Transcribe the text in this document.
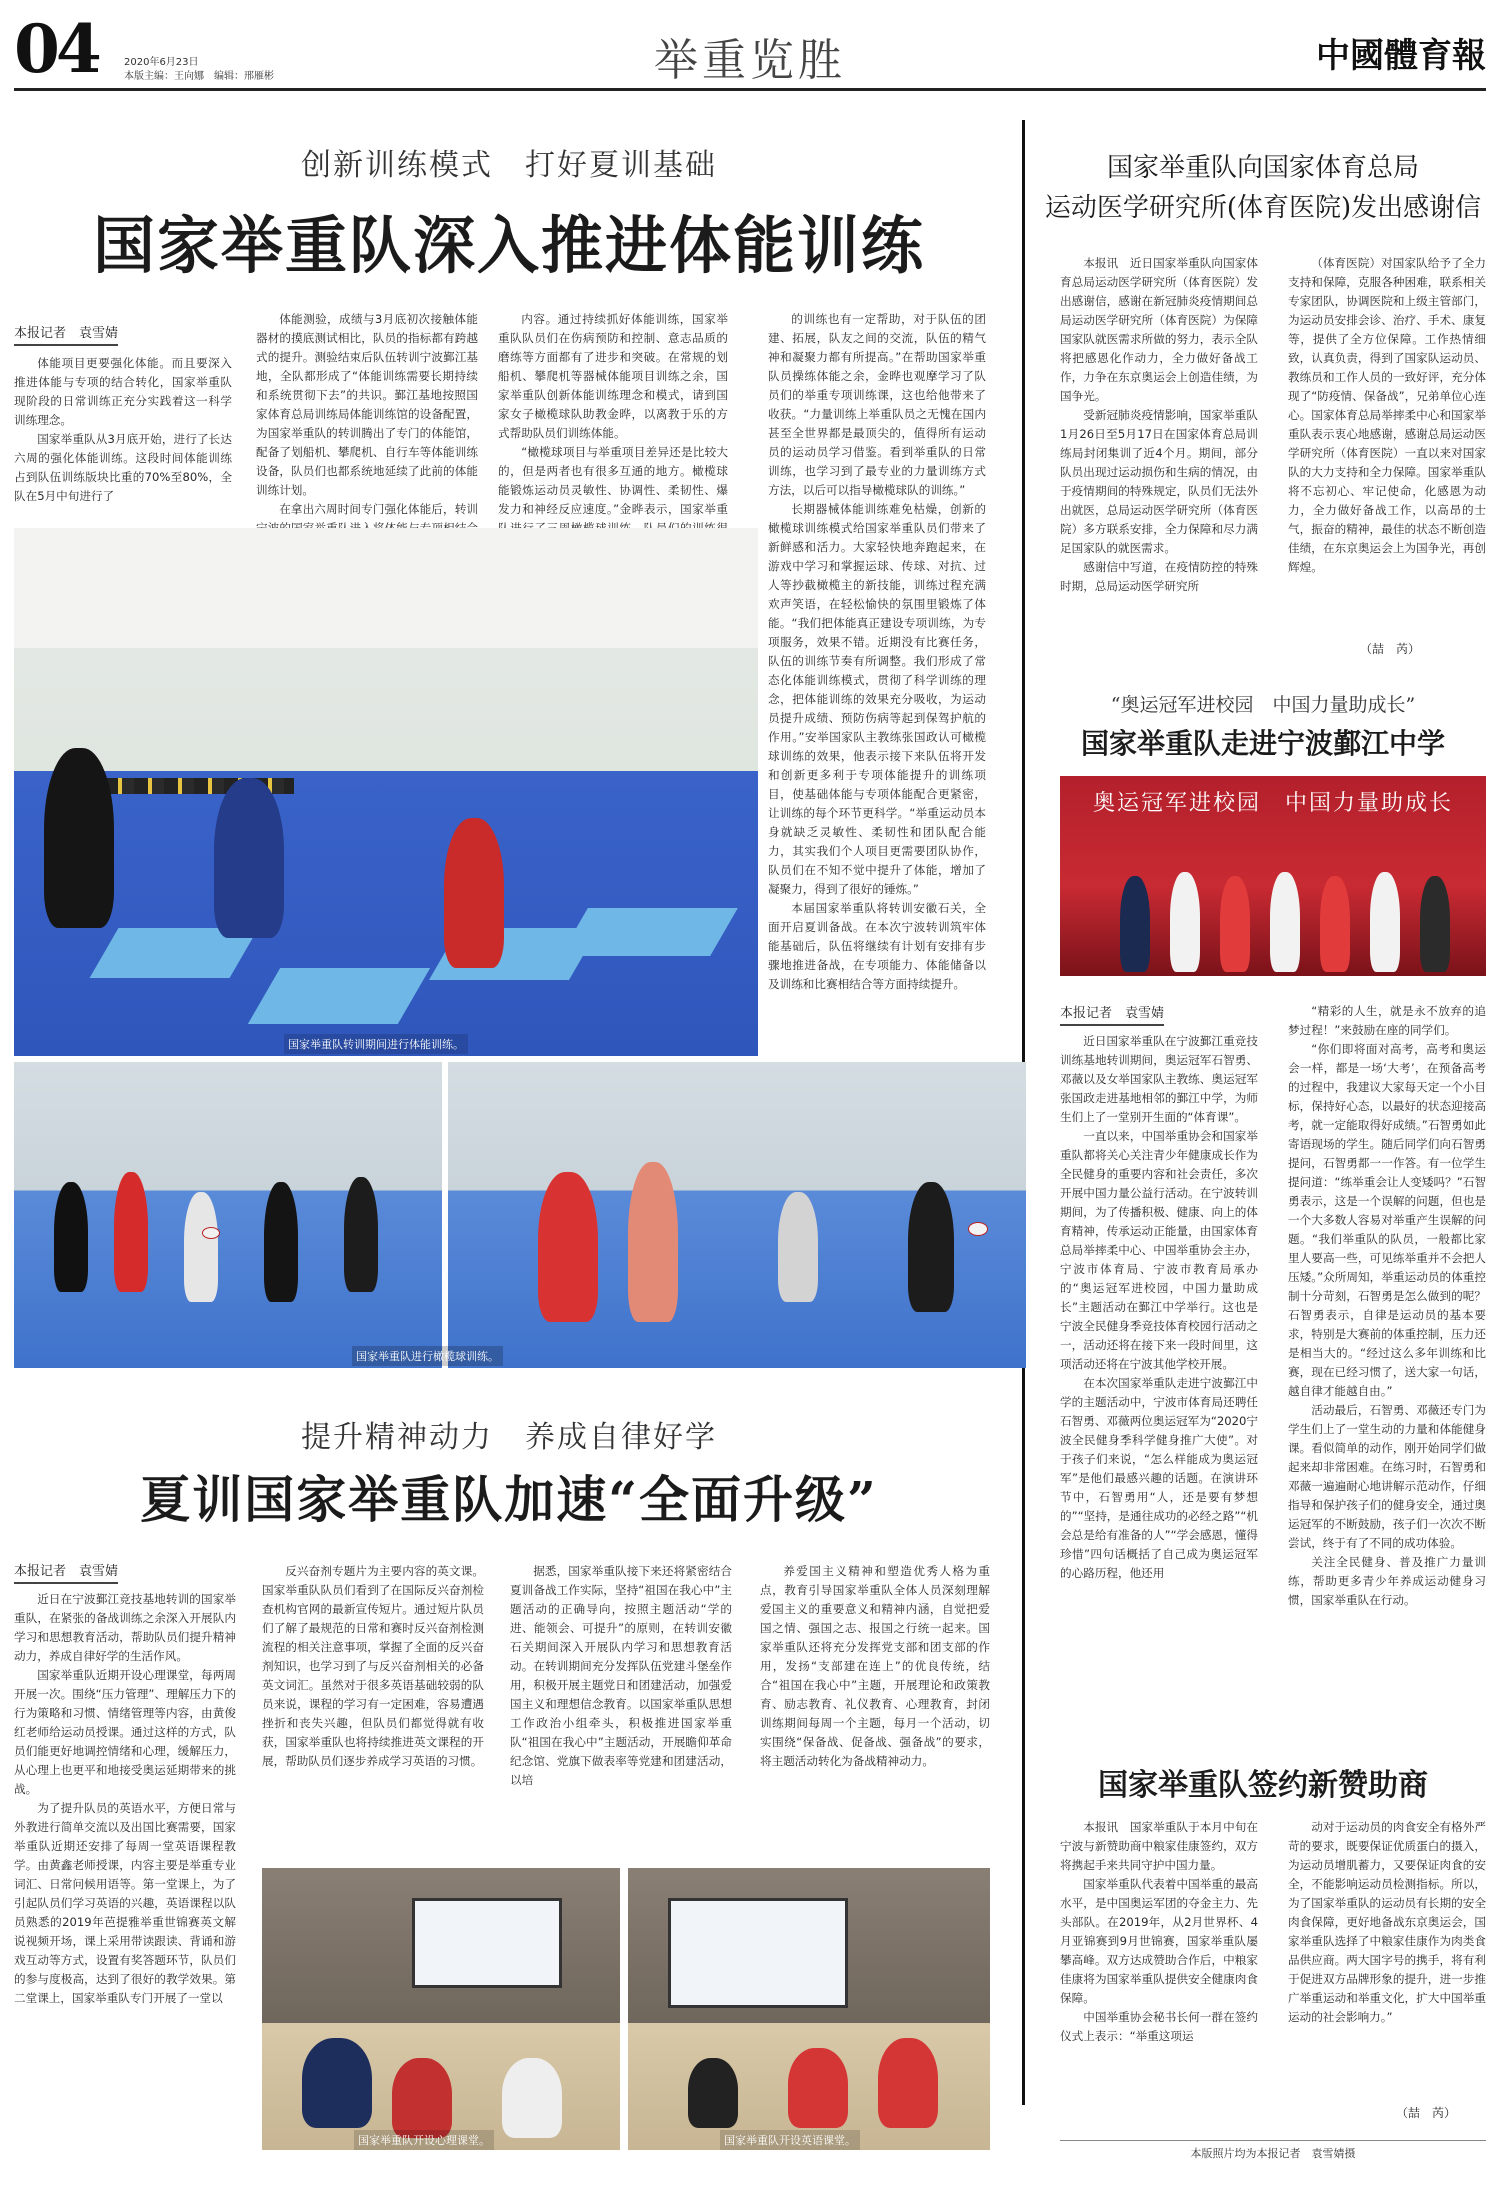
04	2020年6月23日
本版主编：王向娜　编辑：邢雁彬	举重览胜	中國體育報
创新训练模式　打好夏训基础
国家举重队深入推进体能训练
本报记者　袁雪婧

体能项目更要强化体能。而且要深入推进体能与专项的结合转化，国家举重队现阶段的日常训练正充分实践着这一科学训练理念。

国家举重队从3月底开始，进行了长达六周的强化体能训练。这段时间体能训练占到队伍训练版块比重的70%至80%，全队在5月中旬进行了

体能测验，成绩与3月底初次接触体能器材的摸底测试相比，队员的指标都有跨越式的提升。测验结束后队伍转训宁波鄞江基地，全队都形成了“体能训练需要长期持续和系统贯彻下去”的共识。鄞江基地按照国家体育总局训练局体能训练馆的设备配置，为国家举重队的转训腾出了专门的体能馆，配备了划船机、攀爬机、自行车等体能训练设备，队员们也都系统地延续了此前的体能训练计划。

在拿出六周时间专门强化体能后，转训

内容。通过持续抓好体能训练，国家举重队队员们在伤病预防和控制、意志品质的磨练等方面都有了进步和突破。在常规的划船机、攀爬机等器械体能项目训练之余，国家举重队创新体能训练理念和模式，请到国家女子橄榄球队助教金晔，以离教于乐的方式帮助队员们训练体能。

“橄榄球项目与举重项目差异还是比较大的，但是两者也有很多互通的地方。橄榄球能锻炼运动员灵敏性、协调性、柔韧性、爆发力和神经反应速度。”金晔表示，国家举重

的训练也有一定帮助，对于队伍的团建、拓展，队友之间的交流，队伍的精气神和凝聚力都有所提高。”在帮助国家举重队员操练体能之余，金晔也观摩学习了队员们的举重专项训练课，这也给他带来了收获。“力量训练上举重队员之无愧在国内甚至全世界都是最顶尖的，值得所有运动员的运动员学习借鉴。看到举重队的日常训练，也学习到了最专业的力量训练方式方法，以后可以指导橄榄球队的训练。”

长期器械体能训练难免枯燥，创新的橄榄球训练模式给国家举重队员们带来了新鲜感和活力。大家轻快地奔跑起来，在游戏中学习和掌握运球、传球、对抗、过人等抄截橄榄主的新技能，训练过程充满欢声笑语，在轻松愉快的氛围里锻炼了体能。“我们把体能真正建设专项训练，为专项服务，效果不错。近期没有比赛任务，队伍的训练节奏有所调整。我们形成了常态化体能训练模式，贯彻了科学训练的理念，把体能训练的效果充分吸收，为运动员提升成绩、预防伤病等起到保驾护航的作用。”安举国家队主教练张国政认可橄榄球训练的效果，他表示接下来队伍将开发和创新更多利于专项体能提升的训练项目，使基础体能与专项体能配合更紧密，让训练的每个环节更科学。“举重运动员本身就缺乏灵敏性、柔韧性和团队配合能力，其实我们个人项目更需要团队协作，队员们在不知不觉中提升了体能，增加了凝聚力，得到了很好的锤炼。”

本届国家举重队将转训安徽石关，全面开启夏训备战。在本次宁波转训筑牢体能基础后，队伍将继续有计划有安排有步骤地推进备战，在专项能力、体能储备以及训练和比赛相结合等方面持续提升。

国家举重队转训期间进行体能训练。
国家举重队进行橄榄球训练。
提升精神动力　养成自律好学
夏训国家举重队加速“全面升级”
本报记者　袁雪婧

近日在宁波鄞江竞技基地转训的国家举重队，在紧张的备战训练之余深入开展队内学习和思想教育活动，帮助队员们提升精神动力，养成自律好学的生活作风。

国家举重队近期开设心理课堂，每两周开展一次。围绕“压力管理”、理解压力下的行为策略和习惯、情绪管理等内容，由黄俊红老师给运动员授课。通过这样的方式，队员们能更好地调控情绪和心理，缓解压力，从心理上也更平和地接受奥运延期带来的挑战。

为了提升队员的英语水平，方便日常与外教进行简单交流以及出国比赛需要，国家举重队近期还安排了每周一堂英语课程教学。由黄鑫老师授课，内容主要是举重专业词汇、日常问候用语等。第一堂课上，为了引起队员们学习英语的兴趣，英语课程以队员熟悉的2019年芭提雅举重世锦赛英文解说视频开场，课上采用带读跟读、背诵和游戏互动等方式，设置有奖答题环节，队员们的参与度极高，达到了很好的教学效果。第二堂课上，国家举重队专门开展了一堂以

反兴奋剂专题片为主要内容的英文课。国家举重队队员们看到了在国际反兴奋剂检查机构官网的最新宣传短片。通过短片队员们了解了最规范的日常和赛时反兴奋剂检测流程的相关注意事项，掌握了全面的反兴奋剂知识，也学习到了与反兴奋剂相关的必备英文词汇。虽然对于很多英语基础较弱的队员来说，课程的学习有一定困难，容易遭遇挫折和丧失兴趣，但队员们都觉得就有收获，国家举重队也将持续推进英文课程的开展，帮助队员们逐步养成学习英语的习惯。

据悉，国家举重队接下来还将紧密结合夏训备战工作实际，坚持“祖国在我心中”主题活动的正确导向，按照主题活动“学的进、能领会、可提升”的原则，在转训安徽石关期间深入开展队内学习和思想教育活动。在转训期间充分发挥队伍党建斗堡垒作用，积极开展主题党日和团建活动，加强爱国主义和理想信念教育。以国家举重队思想工作政治小组牵头，积极推进国家举重队“祖国在我心中”主题活动，开展瞻仰革命纪念馆、党旗下做表率等党建和团建活动，以培

养爱国主义精神和塑造优秀人格为重点，教育引导国家举重队全体人员深刻理解爱国主义的重要意义和精神内涵，自觉把爱国之情、强国之志、报国之行统一起来。国家举重队还将充分发挥党支部和团支部的作用，发扬“支部建在连上”的优良传统，结合“祖国在我心中”主题，开展理论和政策教育、励志教育、礼仪教育、心理教育，封闭训练期间每周一个主题，每月一个活动，切实围绕“保备战、促备战、强备战”的要求，将主题活动转化为备战精神动力。

国家举重队开设心理课堂。	国家举重队开设英语课堂。
国家举重队向国家体育总局
运动医学研究所(体育医院)发出感谢信

本报讯　近日国家举重队向国家体育总局运动医学研究所（体育医院）发出感谢信，感谢在新冠肺炎疫情期间总局运动医学研究所（体育医院）为保障国家队就医需求所做的努力，表示全队将把感恩化作动力，全力做好备战工作，力争在东京奥运会上创造佳绩，为国争光。

受新冠肺炎疫情影响，国家举重队1月26日至5月17日在国家体育总局训练局封闭集训了近4个月。期间，部分队员出现过运动损伤和生病的情况，由于疫情期间的特殊规定，队员们无法外出就医，总局运动医学研究所（体育医院）多方联系安排，全力保障和尽力满足国家队的就医需求。

感谢信中写道，在疫情防控的特殊时期，总局运动医学研究所

（体育医院）对国家队给予了全力支持和保障，克服各种困难，联系相关专家团队，协调医院和上级主管部门，为运动员安排会诊、治疗、手术、康复等，提供了全方位保障。工作热情细致，认真负责，得到了国家队运动员、教练员和工作人员的一致好评，充分体现了“防疫情、保备战”，兄弟单位心连心。国家体育总局举摔柔中心和国家举重队表示衷心地感谢，感谢总局运动医学研究所（体育医院）一直以来对国家队的大力支持和全力保障。国家举重队将不忘初心、牢记使命，化感恩为动力，全力做好备战工作，以高昂的士气，振奋的精神，最佳的状态不断创造佳绩，在东京奥运会上为国争光，再创辉煌。

（喆　芮）
“奥运冠军进校园　中国力量助成长”
国家举重队走进宁波鄞江中学
奥运冠军进校园　中国力量助成长
本报记者　袁雪婧

近日国家举重队在宁波鄞江重竞技训练基地转训期间，奥运冠军石智勇、邓薇以及女举国家队主教练、奥运冠军张国政走进基地相邻的鄞江中学，为师生们上了一堂别开生面的“体育课”。

一直以来，中国举重协会和国家举重队都将关心关注青少年健康成长作为全民健身的重要内容和社会责任，多次开展中国力量公益行活动。在宁波转训期间，为了传播积极、健康、向上的体育精神，传承运动正能量，由国家体育总局举摔柔中心、中国举重协会主办，宁波市体育局、宁波市教育局承办的“奥运冠军进校园，中国力量助成长”主题活动在鄞江中学举行。这也是宁波全民健身季竞技体育校园行活动之一，活动还将在接下来一段时间里，这项活动还将在宁波其他学校开展。

在本次国家举重队走进宁波鄞江中学的主题活动中，宁波市体育局还聘任石智勇、邓薇两位奥运冠军为“2020宁波全民健身季科学健身推广大使”。对于孩子们来说，“怎么样能成为奥运冠军”是他们最感兴趣的话题。在演讲环节中，石智勇用“人，还是要有梦想的”“坚持，是通往成功的必经之路”“机会总是给有准备的人”“学会感恩，懂得珍惜”四句话概括了自己成为奥运冠军的心路历程，他还用

“精彩的人生，就是永不放弃的追梦过程！”来鼓励在座的同学们。

“你们即将面对高考，高考和奥运会一样，都是一场‘大考’，在预备高考的过程中，我建议大家每天定一个小目标，保持好心态，以最好的状态迎接高考，就一定能取得好成绩。”石智勇如此寄语现场的学生。随后同学们向石智勇提问，石智勇都一一作答。有一位学生提问道：“练举重会让人变矮吗？”石智勇表示，这是一个误解的问题，但也是一个大多数人容易对举重产生误解的问题。“我们举重队的队员，一般都比家里人要高一些，可见练举重并不会把人压矮。”众所周知，举重运动员的体重控制十分苛刻，石智勇是怎么做到的呢？石智勇表示，自律是运动员的基本要求，特别是大赛前的体重控制，压力还是相当大的。“经过这么多年训练和比赛，现在已经习惯了，送大家一句话，越自律才能越自由。”

活动最后，石智勇、邓薇还专门为学生们上了一堂生动的力量和体能健身课。看似简单的动作，刚开始同学们做起来却非常困难。在练习时，石智勇和邓薇一遍遍耐心地讲解示范动作，仔细指导和保护孩子们的健身安全，通过奥运冠军的不断鼓励，孩子们一次次不断尝试，终于有了不同的成功体验。

关注全民健身、普及推广力量训练，帮助更多青少年养成运动健身习惯，国家举重队在行动。

国家举重队签约新赞助商

本报讯　国家举重队于本月中旬在宁波与新赞助商中粮家佳康签约，双方将携起手来共同守护中国力量。

国家举重队代表着中国举重的最高水平，是中国奥运军团的夺金主力、先头部队。在2019年，从2月世界杯、4月亚锦赛到9月世锦赛，国家举重队屡攀高峰。双方达成赞助合作后，中粮家佳康将为国家举重队提供安全健康肉食保障。

中国举重协会秘书长何一群在签约仪式上表示：“举重这项运

动对于运动员的肉食安全有格外严苛的要求，既要保证优质蛋白的摄入，为运动员增肌蓄力，又要保证肉食的安全，不能影响运动员检测指标。所以，为了国家举重队的运动员有长期的安全肉食保障，更好地备战东京奥运会，国家举重队选择了中粮家佳康作为肉类食品供应商。两大国字号的携手，将有利于促进双方品牌形象的提升，进一步推广举重运动和举重文化，扩大中国举重运动的社会影响力。”

（喆　芮）
本版照片均为本报记者　袁雪婧摄
